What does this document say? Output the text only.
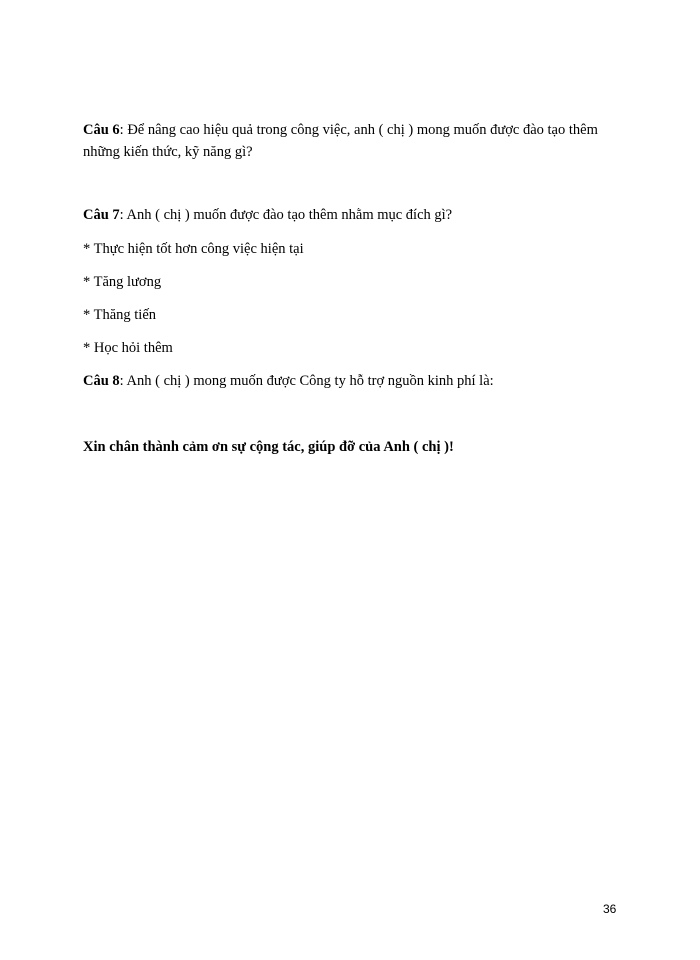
Câu 6: Để nâng cao hiệu quả trong công việc, anh ( chị ) mong muốn được đào tạo thêm
những kiến thức, kỹ năng gì?
Câu 7: Anh ( chị ) muốn được đào tạo thêm nhằm mục đích gì?
* Thực hiện tốt hơn công việc hiện tại
* Tăng lương
* Thăng tiến
* Học hỏi thêm
Câu 8: Anh ( chị ) mong muốn được Công ty hỗ trợ nguồn kinh phí là:
Xin chân thành cảm ơn sự cộng tác, giúp đỡ của Anh ( chị )!
36
